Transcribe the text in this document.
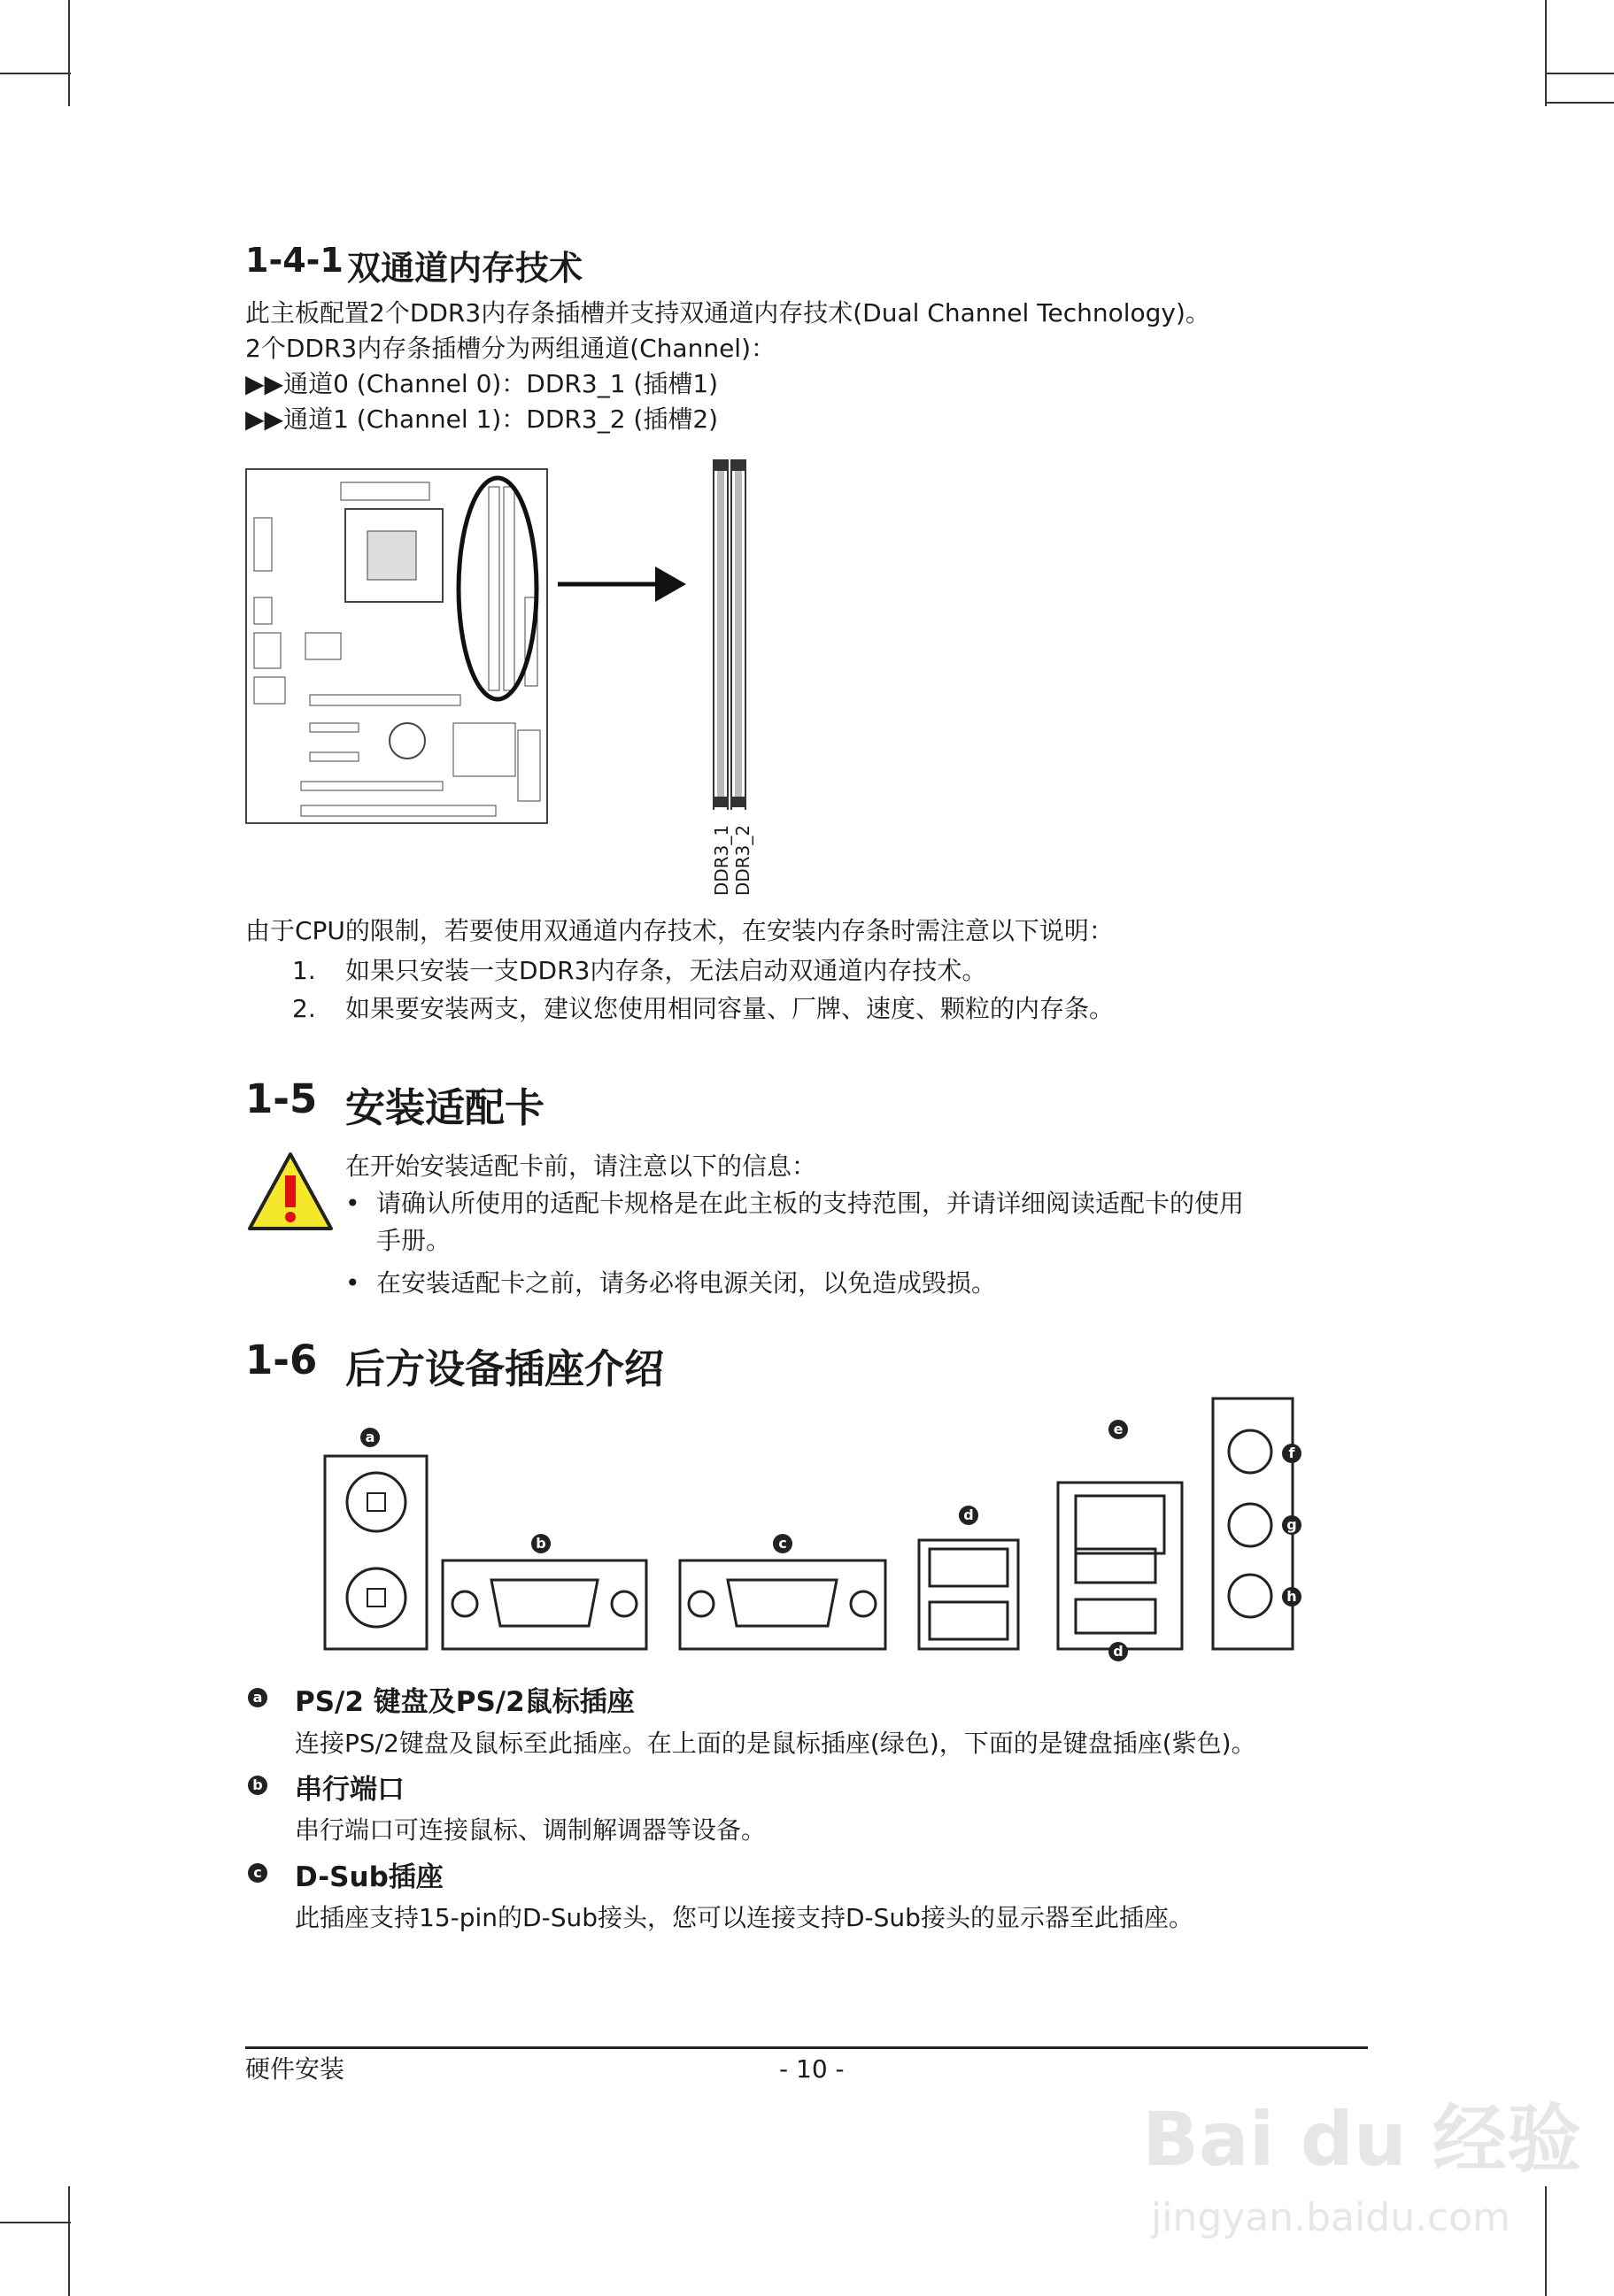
1-4-1 双通道内存技术
此主板配置2个DDR3内存条插槽并支持双通道内存技术(Dual Channel Technology)。
2个DDR3内存条插槽分为两组通道(Channel)：
▶▶通道0 (Channel 0)：DDR3_1 (插槽1)
▶▶通道1 (Channel 1)：DDR3_2 (插槽2)
DDR3_1 DDR3_2
由于CPU的限制，若要使用双通道内存技术，在安装内存条时需注意以下说明：
1. 如果只安装一支DDR3内存条，无法启动双通道内存技术。
2. 如果要安装两支，建议您使用相同容量、厂牌、速度、颗粒的内存条。
1-5 安装适配卡
在开始安装适配卡前，请注意以下的信息：
• 请确认所使用的适配卡规格是在此主板的支持范围，并请详细阅读适配卡的使用
手册。
• 在安装适配卡之前，请务必将电源关闭，以免造成毁损。
1-6 后方设备插座介绍
a
b	c
d
e
d
f
g
h
a PS/2 键盘及PS/2鼠标插座
连接PS/2键盘及鼠标至此插座。在上面的是鼠标插座(绿色)，下面的是键盘插座(紫色)。
b 串行端口
串行端口可连接鼠标、调制解调器等设备。
c D-Sub插座
此插座支持15-pin的D-Sub接头，您可以连接支持D-Sub接头的显示器至此插座。
硬件安装	- 10 -
Bai du 经验
jingyan.baidu.com
